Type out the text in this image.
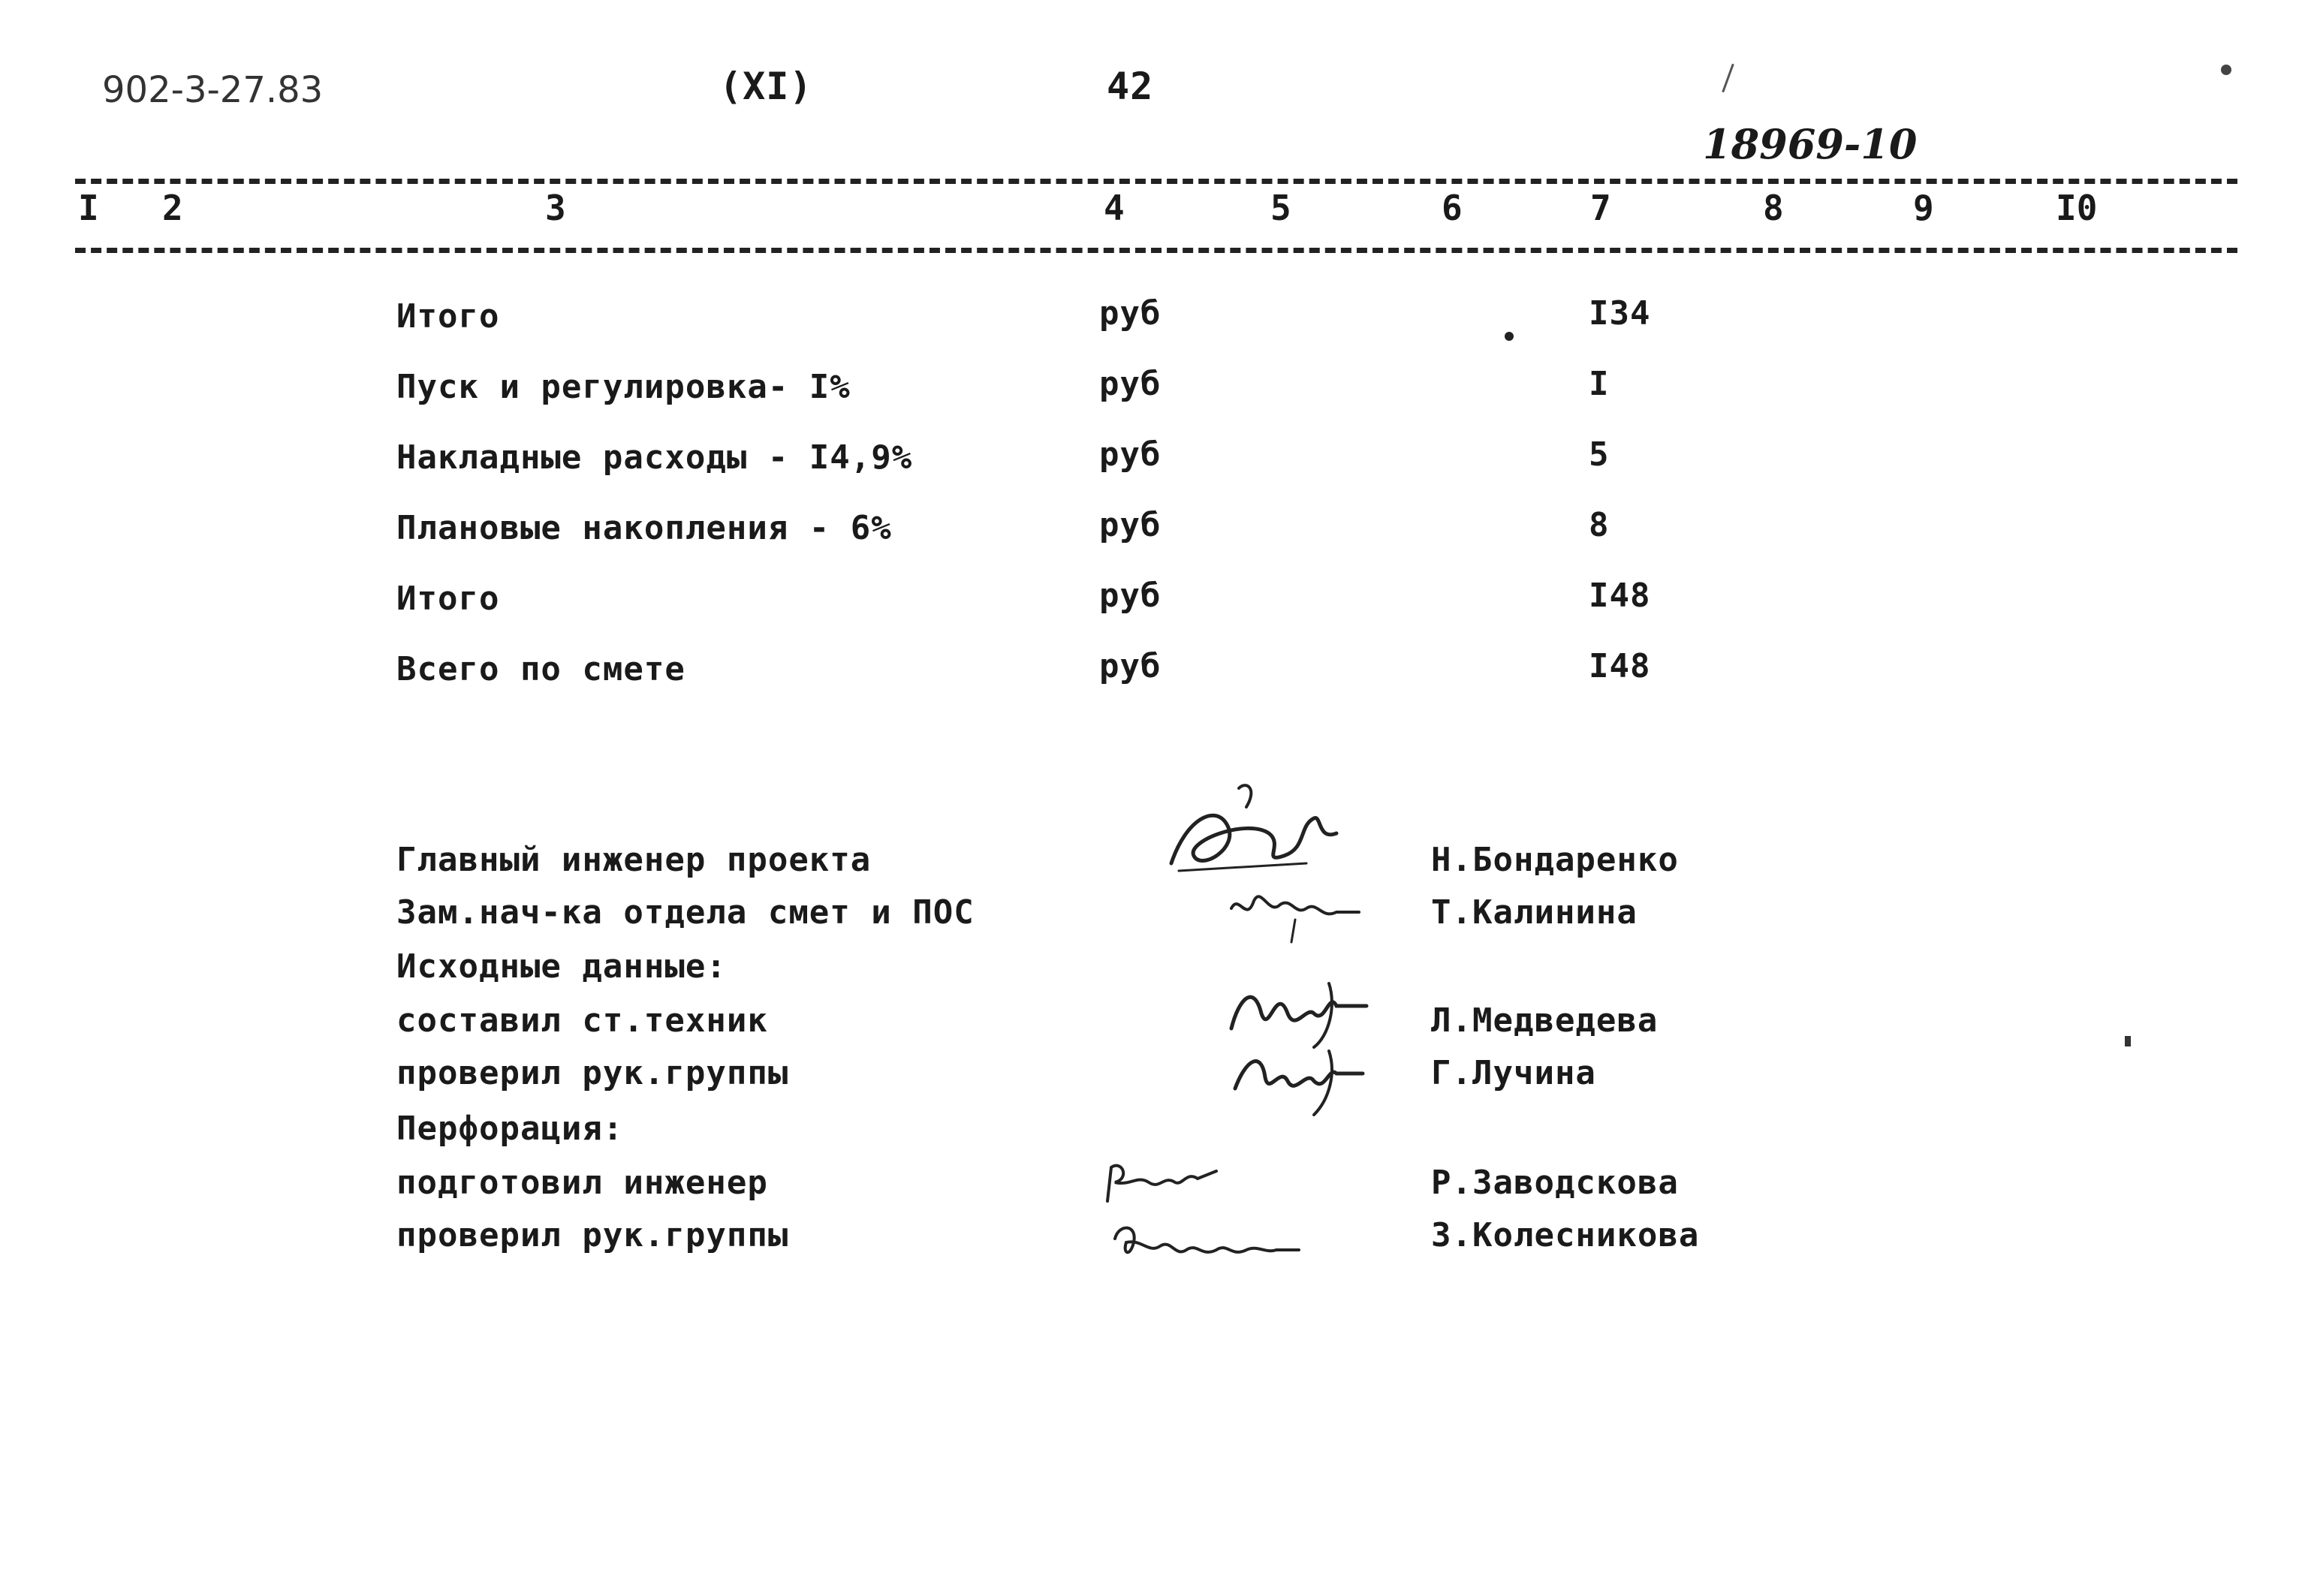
902-3-27.83	(XI)	42
18969-10
I 2	3	4	5	6	7	8	9	I0
Итого	руб	I34
Пуск и регулировка- I%	руб	I
Накладные расходы - I4,9%	руб	5
Плановые накопления - 6%	руб	8
Итого	руб	I48
Всего по смете	руб	I48
Главный инженер проекта	Н.Бондаренко
Зам.нач-ка отдела смет и ПОС	Т.Калинина
Исходные данные:
составил ст.техник	Л.Медведева
проверил рук.группы	Г.Лучина
Перфорация:
подготовил инженер	Р.Заводскова
проверил рук.группы	З.Колесникова
